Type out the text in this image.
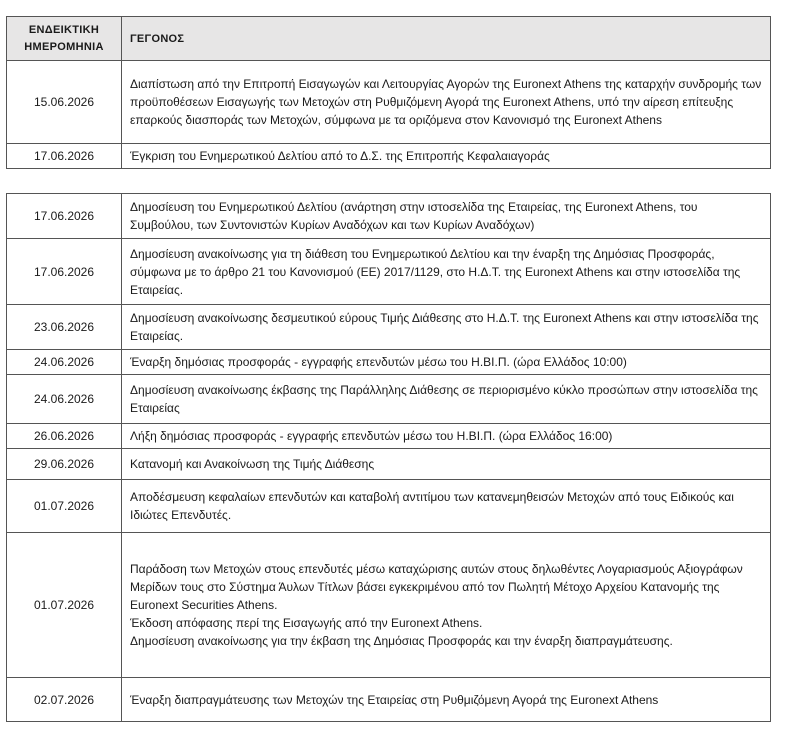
ΕΝΔΕΙΚΤΙΚΗ
ΗΜΕΡΟΜΗΝΙΑ	ΓΕΓΟΝΟΣ
15.06.2026	Διαπίστωση από την Επιτροπή Εισαγωγών και Λειτουργίας Αγορών της Euronext Athens της καταρχήν συνδρομής των προϋποθέσεων Εισαγωγής των Μετοχών στη Ρυθμιζόμενη Αγορά της Euronext Athens, υπό την αίρεση επίτευξης επαρκούς διασποράς των Μετοχών, σύμφωνα με τα οριζόμενα στον Κανονισμό της Euronext Athens
17.06.2026	Έγκριση του Ενημερωτικού Δελτίου από το Δ.Σ. της Επιτροπής Κεφαλαιαγοράς
17.06.2026	Δημοσίευση του Ενημερωτικού Δελτίου (ανάρτηση στην ιστοσελίδα της Εταιρείας, της Euronext Athens, του Συμβούλου, των Συντονιστών Κυρίων Αναδόχων και των Κυρίων Αναδόχων)
17.06.2026	Δημοσίευση ανακοίνωσης για τη διάθεση του Ενημερωτικού Δελτίου και την έναρξη της Δημόσιας Προσφοράς, σύμφωνα με το άρθρο 21 του Κανονισμού (ΕΕ) 2017/1129, στο Η.Δ.Τ. της Euronext Athens και στην ιστοσελίδα της Εταιρείας.
23.06.2026	Δημοσίευση ανακοίνωσης δεσμευτικού εύρους Τιμής Διάθεσης στο Η.Δ.Τ. της Euronext Athens και στην ιστοσελίδα της Εταιρείας.
24.06.2026	Έναρξη δημόσιας προσφοράς - εγγραφής επενδυτών μέσω του Η.ΒΙ.Π. (ώρα Ελλάδος 10:00)
24.06.2026	Δημοσίευση ανακοίνωσης έκβασης της Παράλληλης Διάθεσης σε περιορισμένο κύκλο προσώπων στην ιστοσελίδα της Εταιρείας
26.06.2026	Λήξη δημόσιας προσφοράς - εγγραφής επενδυτών μέσω του Η.ΒΙ.Π. (ώρα Ελλάδος 16:00)
29.06.2026	Κατανομή και Ανακοίνωση της Τιμής Διάθεσης
01.07.2026	Αποδέσμευση κεφαλαίων επενδυτών και καταβολή αντιτίμου των κατανεμηθεισών Μετοχών από τους Ειδικούς και Ιδιώτες Επενδυτές.
01.07.2026	Παράδοση των Μετοχών στους επενδυτές μέσω καταχώρισης αυτών στους δηλωθέντες Λογαριασμούς Αξιογράφων Μερίδων τους στο Σύστημα Άυλων Τίτλων βάσει εγκεκριμένου από τον Πωλητή Μέτοχο Αρχείου Κατανομής της Euronext Securities Athens.
Έκδοση απόφασης περί της Εισαγωγής από την Euronext Athens.
Δημοσίευση ανακοίνωσης για την έκβαση της Δημόσιας Προσφοράς και την έναρξη διαπραγμάτευσης.

02.07.2026	Έναρξη διαπραγμάτευσης των Μετοχών της Εταιρείας στη Ρυθμιζόμενη Αγορά της Euronext Athens
